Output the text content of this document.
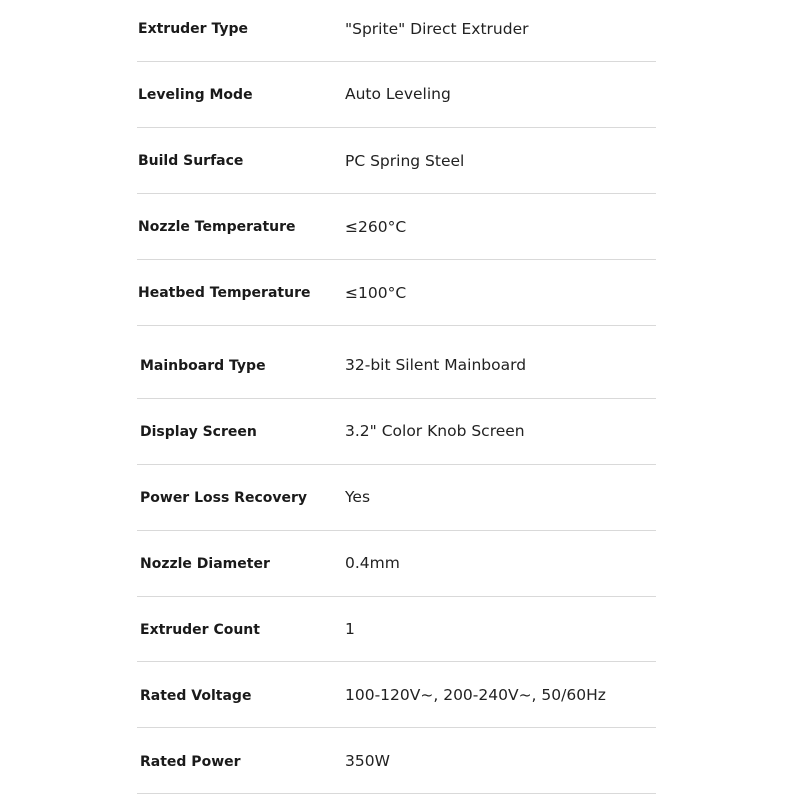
Extruder Type	"Sprite" Direct Extruder
Leveling Mode	Auto Leveling
Build Surface	PC Spring Steel
Nozzle Temperature	≤260°C
Heatbed Temperature ≤100°C
Mainboard Type	32-bit Silent Mainboard
Display Screen	3.2" Color Knob Screen
Power Loss Recovery Yes
Nozzle Diameter	0.4mm
Extruder Count	1
Rated Voltage	100-120V~, 200-240V~, 50/60Hz
Rated Power	350W
